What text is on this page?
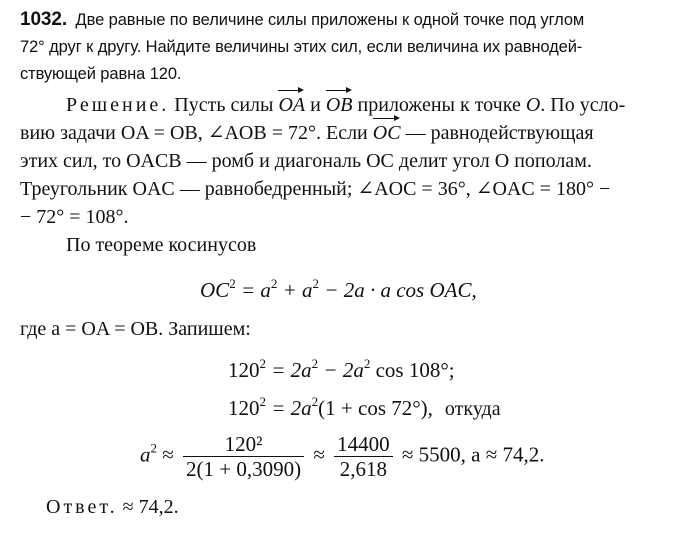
1032. Две равные по величине силы приложены к одной точке под углом
72° друг к другу. Найдите величины этих сил, если величина их равнодей-
ствующей равна 120.
Решение. Пусть силы OA и OB приложены к точке O. По усло-
вию задачи OA = OB, ∠AOB = 72°. Если OC — равнодействующая
этих сил, то OACB — ромб и диагональ OC делит угол O пополам.
Треугольник OAC — равнобедренный; ∠AOC = 36°, ∠OAC = 180° −
− 72° = 108°.
По теореме косинусов
$OC^2 = a^2 + a^2 - 2a \cdot a$ cos OAC,
где a = OA = OB. Запишем:
$120^2 = 2a^2 - 2a^2$ cos 108°;
$120^2 = 2a^2(1 + \cos 72^\circ)$, откуда
$a^2 \approx \frac{\text{120²}}{2(1 + 0,3090)} \approx \frac{14400}{2,618} \approx 5500$, a ≈ 74,2.
Ответ. ≈ 74,2.
